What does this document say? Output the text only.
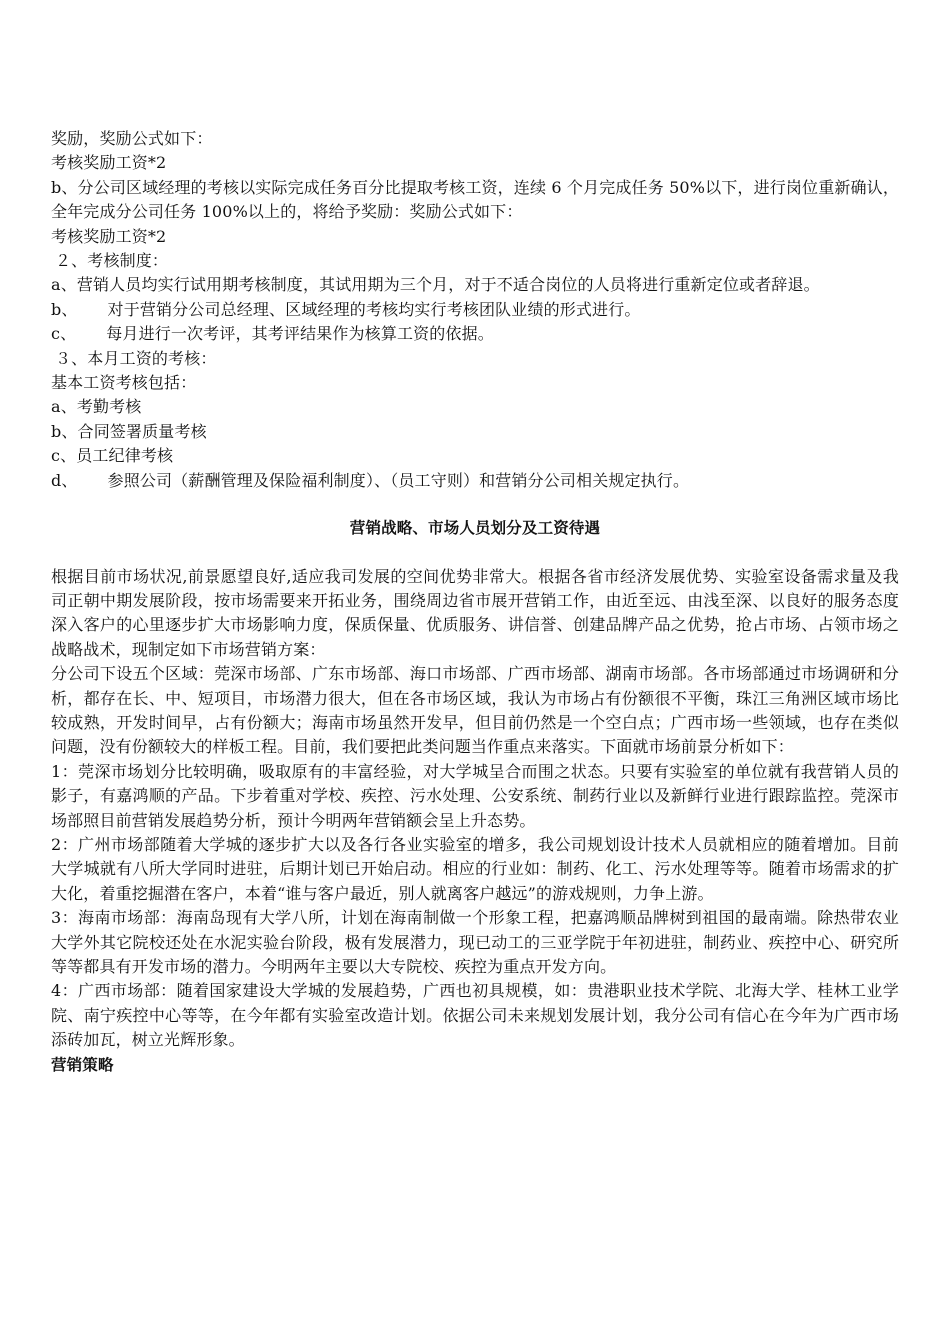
奖励，奖励公式如下：

考核奖励工资*2

b、分公司区域经理的考核以实际完成任务百分比提取考核工资，连续 6 个月完成任务 50%以下，进行岗位重新确认，全年完成分公司任务 100%以上的，将给予奖励：奖励公式如下：

考核奖励工资*2

２、考核制度：

a、营销人员均实行试用期考核制度，其试用期为三个月，对于不适合岗位的人员将进行重新定位或者辞退。

b、 对于营销分公司总经理、区域经理的考核均实行考核团队业绩的形式进行。

c、 每月进行一次考评，其考评结果作为核算工资的依据。

３、本月工资的考核：

基本工资考核包括：

a、考勤考核

b、合同签署质量考核

c、员工纪律考核

d、 参照公司（薪酬管理及保险福利制度）、（员工守则）和营销分公司相关规定执行。

营销战略、市场人员划分及工资待遇

根据目前市场状况,前景愿望良好,适应我司发展的空间优势非常大。根据各省市经济发展优势、实验室设备需求量及我司正朝中期发展阶段，按市场需要来开拓业务，围绕周边省市展开营销工作，由近至远、由浅至深、以良好的服务态度深入客户的心里逐步扩大市场影响力度，保质保量、优质服务、讲信誉、创建品牌产品之优势，抢占市场、占领市场之战略战术，现制定如下市场营销方案：

分公司下设五个区域：莞深市场部、广东市场部、海口市场部、广西市场部、湖南市场部。各市场部通过市场调研和分析，都存在长、中、短项目，市场潜力很大，但在各市场区域，我认为市场占有份额很不平衡，珠江三角洲区域市场比较成熟，开发时间早，占有份额大；海南市场虽然开发早，但目前仍然是一个空白点；广西市场一些领域，也存在类似问题，没有份额较大的样板工程。目前，我们要把此类问题当作重点来落实。下面就市场前景分析如下：

1：莞深市场划分比较明确，吸取原有的丰富经验，对大学城呈合而围之状态。只要有实验室的单位就有我营销人员的影子，有嘉鸿顺的产品。下步着重对学校、疾控、污水处理、公安系统、制药行业以及新鲜行业进行跟踪监控。莞深市场部照目前营销发展趋势分析，预计今明两年营销额会呈上升态势。

2：广州市场部随着大学城的逐步扩大以及各行各业实验室的增多，我公司规划设计技术人员就相应的随着增加。目前大学城就有八所大学同时进驻，后期计划已开始启动。相应的行业如：制药、化工、污水处理等等。随着市场需求的扩大化，着重挖掘潜在客户，本着“谁与客户最近，别人就离客户越远”的游戏规则，力争上游。

3：海南市场部：海南岛现有大学八所，计划在海南制做一个形象工程，把嘉鸿顺品牌树到祖国的最南端。除热带农业大学外其它院校还处在水泥实验台阶段，极有发展潜力，现已动工的三亚学院于年初进驻，制药业、疾控中心、研究所等等都具有开发市场的潜力。今明两年主要以大专院校、疾控为重点开发方向。

4：广西市场部：随着国家建设大学城的发展趋势，广西也初具规模，如：贵港职业技术学院、北海大学、桂林工业学院、南宁疾控中心等等，在今年都有实验室改造计划。依据公司未来规划发展计划，我分公司有信心在今年为广西市场添砖加瓦，树立光辉形象。

营销策略
